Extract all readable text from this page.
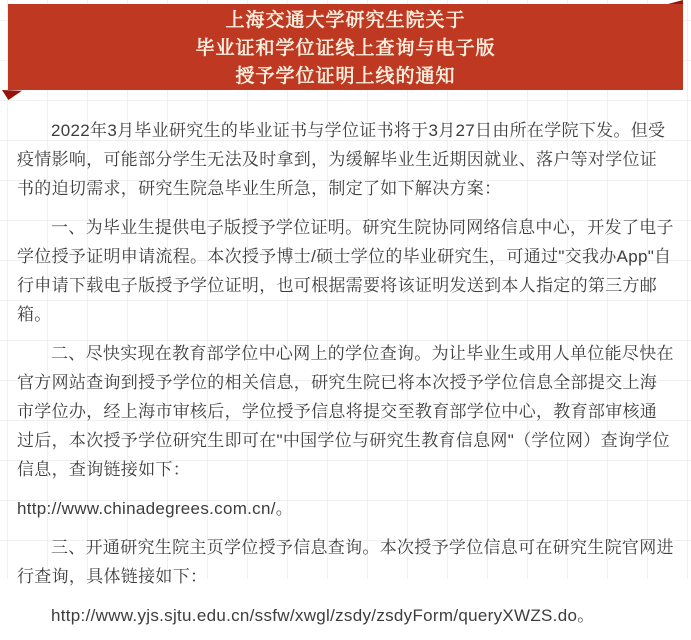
上海交通大学研究生院关于
毕业证和学位证线上查询与电子版
授予学位证明上线的通知

2022年3月毕业研究生的毕业证书与学位证书将于3月27日由所在学院下发。但受疫情影响，可能部分学生无法及时拿到，为缓解毕业生近期因就业、落户等对学位证书的迫切需求，研究生院急毕业生所急，制定了如下解决方案：

一、为毕业生提供电子版授予学位证明。研究生院协同网络信息中心，开发了电子学位授予证明申请流程。本次授予博士/硕士学位的毕业研究生，可通过"交我办App"自行申请下载电子版授予学位证明，也可根据需要将该证明发送到本人指定的第三方邮箱。

二、尽快实现在教育部学位中心网上的学位查询。为让毕业生或用人单位能尽快在官方网站查询到授予学位的相关信息，研究生院已将本次授予学位信息全部提交上海市学位办，经上海市审核后，学位授予信息将提交至教育部学位中心，教育部审核通过后，本次授予学位研究生即可在"中国学位与研究生教育信息网"（学位网）查询学位信息，查询链接如下：

http://www.chinadegrees.com.cn/。

三、开通研究生院主页学位授予信息查询。本次授予学位信息可在研究生院官网进行查询，具体链接如下：

http://www.yjs.sjtu.edu.cn/ssfw/xwgl/zsdy/zsdyForm/queryXWZS.do。
